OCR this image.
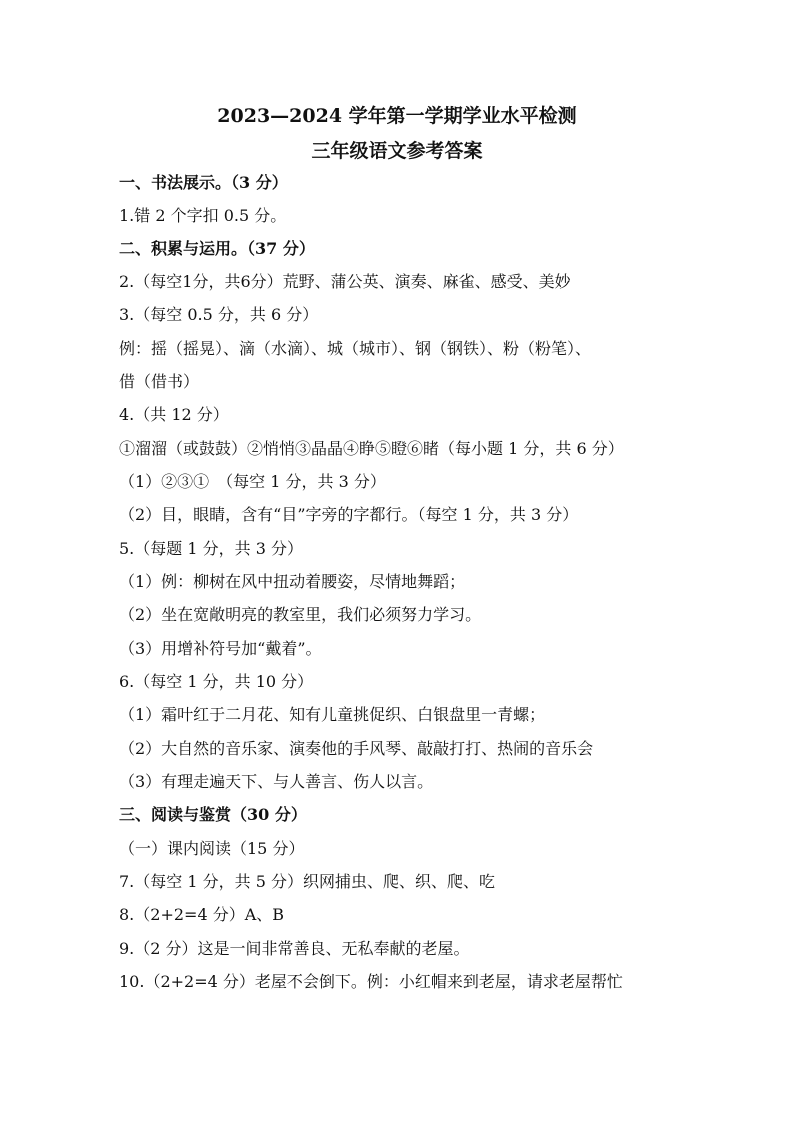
2023—2024 学年第一学期学业水平检测
三年级语文参考答案
一、书法展示。（3 分）
1.错 2 个字扣 0.5 分。
二、积累与运用。（37 分）
2.（每空1分，共6分）荒野、蒲公英、演奏、麻雀、感受、美妙
3.（每空 0.5 分，共 6 分）
例：摇（摇晃）、滴（水滴）、城（城市）、钢（钢铁）、粉（粉笔）、
借（借书）
4.（共 12 分）
①溜溜（或鼓鼓）②悄悄③晶晶④睁⑤瞪⑥睹（每小题 1 分，共 6 分）
（1）②③①　（每空 1 分，共 3 分）
（2）目，眼睛，含有“目”字旁的字都行。（每空 1 分，共 3 分）
5.（每题 1 分，共 3 分）
（1）例：柳树在风中扭动着腰姿，尽情地舞蹈；
（2）坐在宽敞明亮的教室里，我们必须努力学习。
（3）用增补符号加“戴着”。
6.（每空 1 分，共 10 分）
（1）霜叶红于二月花、知有儿童挑促织、白银盘里一青螺；
（2）大自然的音乐家、演奏他的手风琴、敲敲打打、热闹的音乐会
（3）有理走遍天下、与人善言、伤人以言。
三、阅读与鉴赏（30 分）
（一）课内阅读（15 分）
7.（每空 1 分，共 5 分）织网捕虫、爬、织、爬、吃
8.（2+2=4 分）A、B
9.（2 分）这是一间非常善良、无私奉献的老屋。
10.（2+2=4 分）老屋不会倒下。例：小红帽来到老屋，请求老屋帮忙
